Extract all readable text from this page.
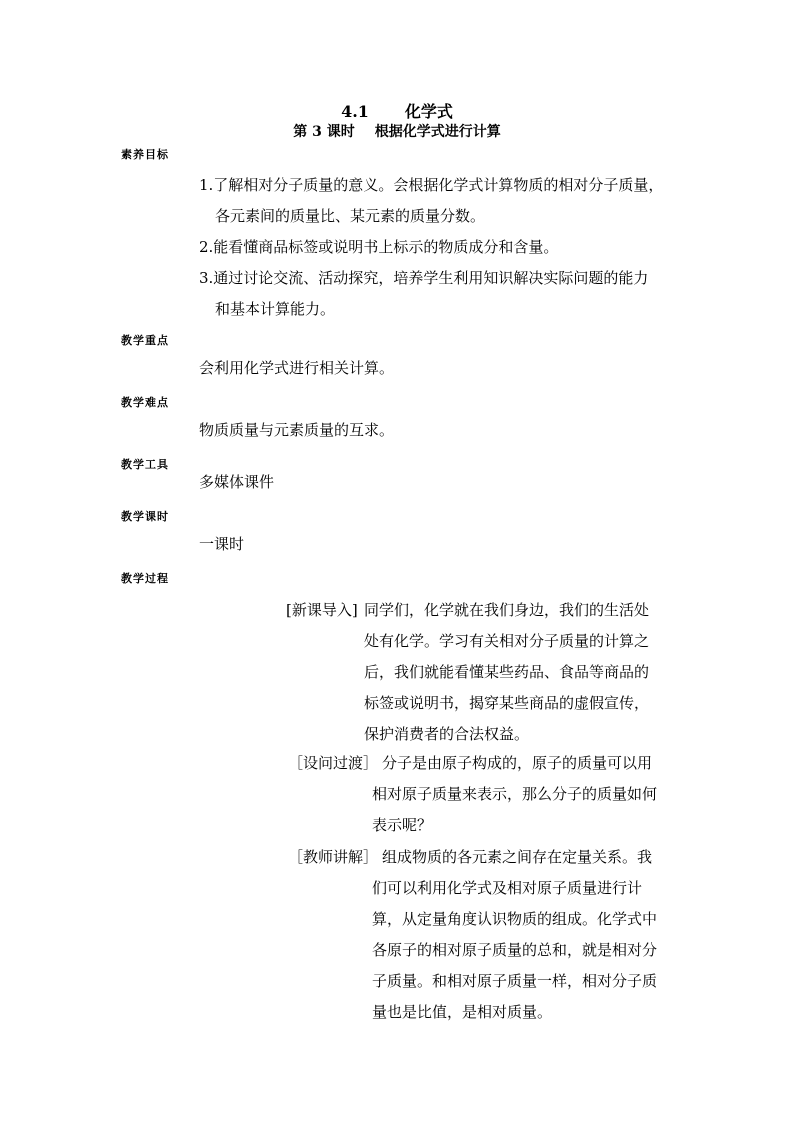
4.1 化学式
第 3 课时 根据化学式进行计算
素养目标
1.了解相对分子质量的意义。会根据化学式计算物质的相对分子质量，
各元素间的质量比、某元素的质量分数。
2.能看懂商品标签或说明书上标示的物质成分和含量。
3.通过讨论交流、活动探究，培养学生利用知识解决实际问题的能力
和基本计算能力。
教学重点
会利用化学式进行相关计算。
教学难点
物质质量与元素质量的互求。
教学工具
多媒体课件
教学课时
一课时
教学过程
[新课导入] 同学们，化学就在我们身边，我们的生活处
处有化学。学习有关相对分子质量的计算之
后，我们就能看懂某些药品、食品等商品的
标签或说明书，揭穿某些商品的虚假宣传，
保护消费者的合法权益。
［设问过渡］ 分子是由原子构成的，原子的质量可以用
相对原子质量来表示，那么分子的质量如何
表示呢？
［教师讲解］ 组成物质的各元素之间存在定量关系。我
们可以利用化学式及相对原子质量进行计
算，从定量角度认识物质的组成。化学式中
各原子的相对原子质量的总和，就是相对分
子质量。和相对原子质量一样，相对分子质
量也是比值，是相对质量。
